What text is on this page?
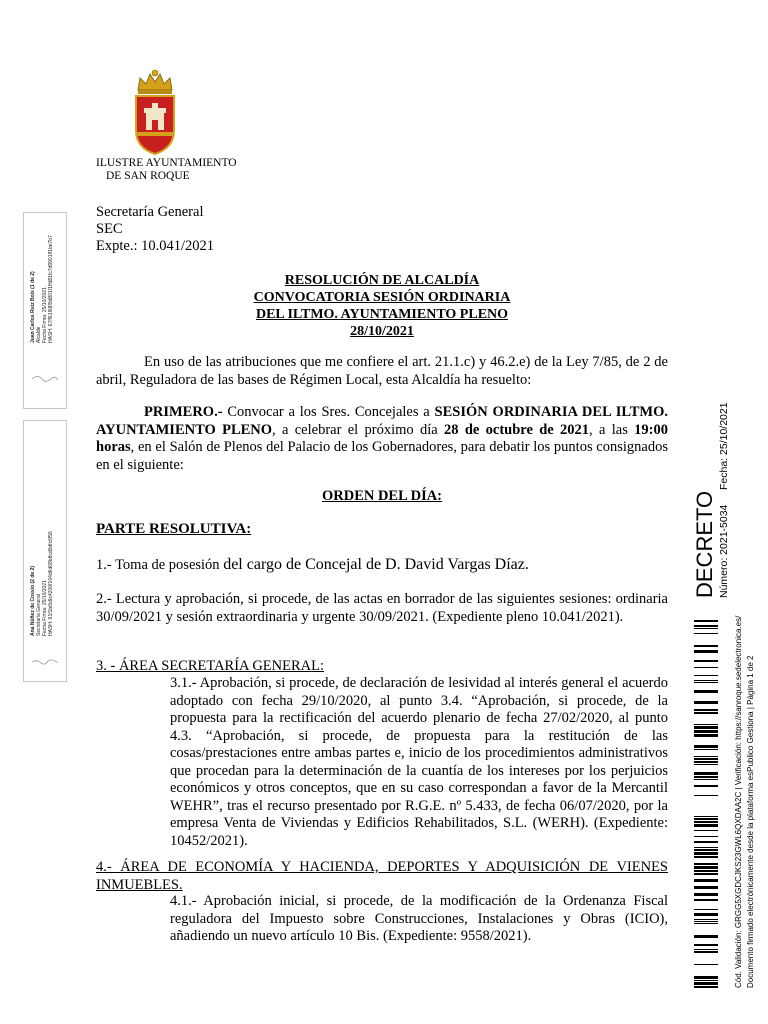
ILUSTRE AYUNTAMIENTO
DE SAN ROQUE
Secretaría General
SEC
Expte.: 10.041/2021
RESOLUCIÓN DE ALCALDÍA
CONVOCATORIA SESIÓN ORDINARIA
DEL ILTMO. AYUNTAMIENTO PLENO
28/10/2021

En uso de las atribuciones que me confiere el art. 21.1.c) y 46.2.e) de la Ley 7/85, de 2 de abril, Reguladora de las bases de Régimen Local, esta Alcaldía ha resuelto:

PRIMERO.- Convocar a los Sres. Concejales a SESIÓN ORDINARIA DEL ILTMO. AYUNTAMIENTO PLENO, a celebrar el próximo día 28 de octubre de 2021, a las 19:00 horas, en el Salón de Plenos del Palacio de los Gobernadores, para debatir los puntos consignados en el siguiente:

ORDEN DEL DÍA:
PARTE RESOLUTIVA:
1.- Toma de posesión del cargo de Concejal de D. David Vargas Díaz.

2.- Lectura y aprobación, si procede, de las actas en borrador de las siguientes sesiones: ordinaria 30/09/2021 y sesión extraordinaria y urgente 30/09/2021. (Expediente pleno 10.041/2021).

3. - ÁREA SECRETARÍA GENERAL:

3.1.- Aprobación, si procede, de declaración de lesividad al interés general el acuerdo adoptado con fecha 29/10/2020, al punto 3.4. “Aprobación, si procede, de la propuesta para la rectificación del acuerdo plenario de fecha 27/02/2020, al punto 4.3. “Aprobación, si procede, de propuesta para la restitución de las cosas/prestaciones entre ambas partes e, inicio de los procedimientos administrativos que procedan para la determinación de la cuantía de los intereses por los perjuicios económicos y otros conceptos, que en su caso correspondan a favor de la Mercantil WEHR”, tras el recurso presentado por R.G.E. nº 5.433, de fecha 06/07/2020, por la empresa Venta de Viviendas y Edificios Rehabilitados, S.L. (WERH). (Expediente: 10452/2021).

4.- ÁREA DE ECONOMÍA Y HACIENDA, DEPORTES Y ADQUISICIÓN DE VIENES INMUEBLES.

4.1.- Aprobación inicial, si procede, de la modificación de la Ordenanza Fiscal reguladora del Impuesto sobre Construcciones, Instalaciones y Obras (ICIO), añadiendo un nuevo artículo 10 Bis. (Expediente: 9558/2021).

Juan Carlos Ruiz Boix (1 de 2) Alcalde Fecha Firma: 25/10/2021 HASH: 67ff61f68f9d801f1ffd81fc7d9901ff1be7b7
Ana Núñez de Cossío (2 de 2) Secretaria General Fecha Firma: 25/10/2021 HASH: 61f1b6b9c4200f104d6d68b8cd0dfc6f56	DECRETO Número: 2021-5034
Fecha: 25/10/2021
Cód. Validación: GRGG5XGDCJKS23GWL6QXDAA2C | Verificación: https://sanroque.sedelectronica.es/ Documento firmado electrónicamente desde la plataforma esPublico Gestiona | Página 1 de 2
